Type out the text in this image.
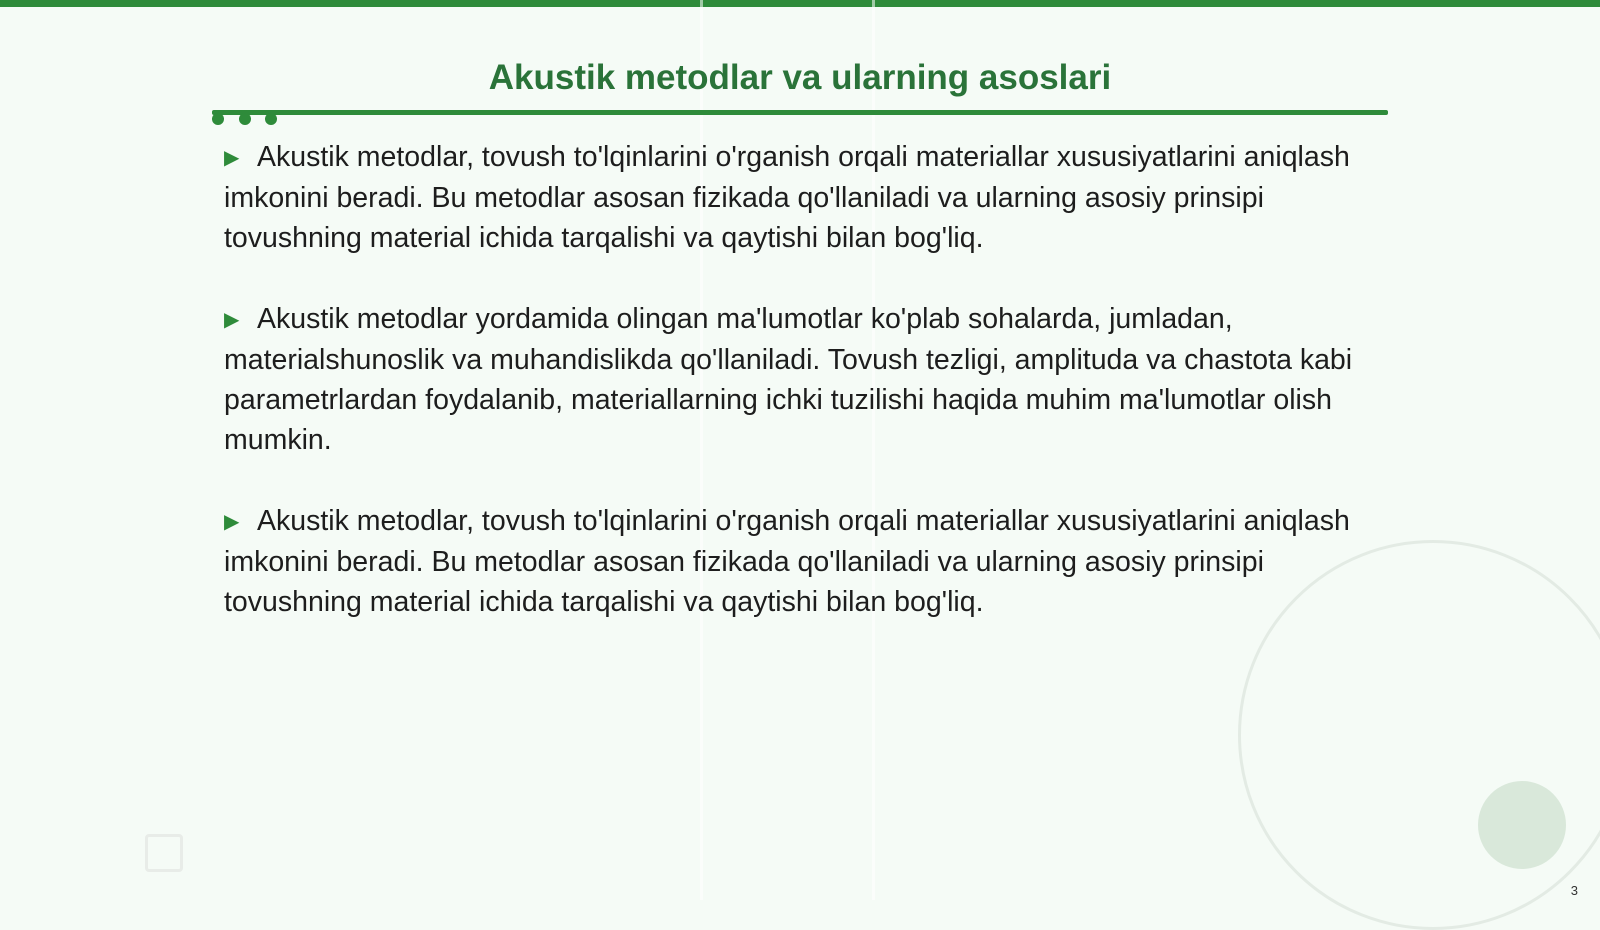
Akustik metodlar va ularning asoslari

▶ Akustik metodlar, tovush to'lqinlarini o'rganish orqali materiallar xususiyatlarini aniqlash imkonini beradi. Bu metodlar asosan fizikada qo'llaniladi va ularning asosiy prinsipi tovushning material ichida tarqalishi va qaytishi bilan bog'liq.

▶ Akustik metodlar yordamida olingan ma'lumotlar ko'plab sohalarda, jumladan, materialshunoslik va muhandislikda qo'llaniladi. Tovush tezligi, amplituda va chastota kabi parametrlardan foydalanib, materiallarning ichki tuzilishi haqida muhim ma'lumotlar olish mumkin.

▶ Akustik metodlar, tovush to'lqinlarini o'rganish orqali materiallar xususiyatlarini aniqlash imkonini beradi. Bu metodlar asosan fizikada qo'llaniladi va ularning asosiy prinsipi tovushning material ichida tarqalishi va qaytishi bilan bog'liq.

3
